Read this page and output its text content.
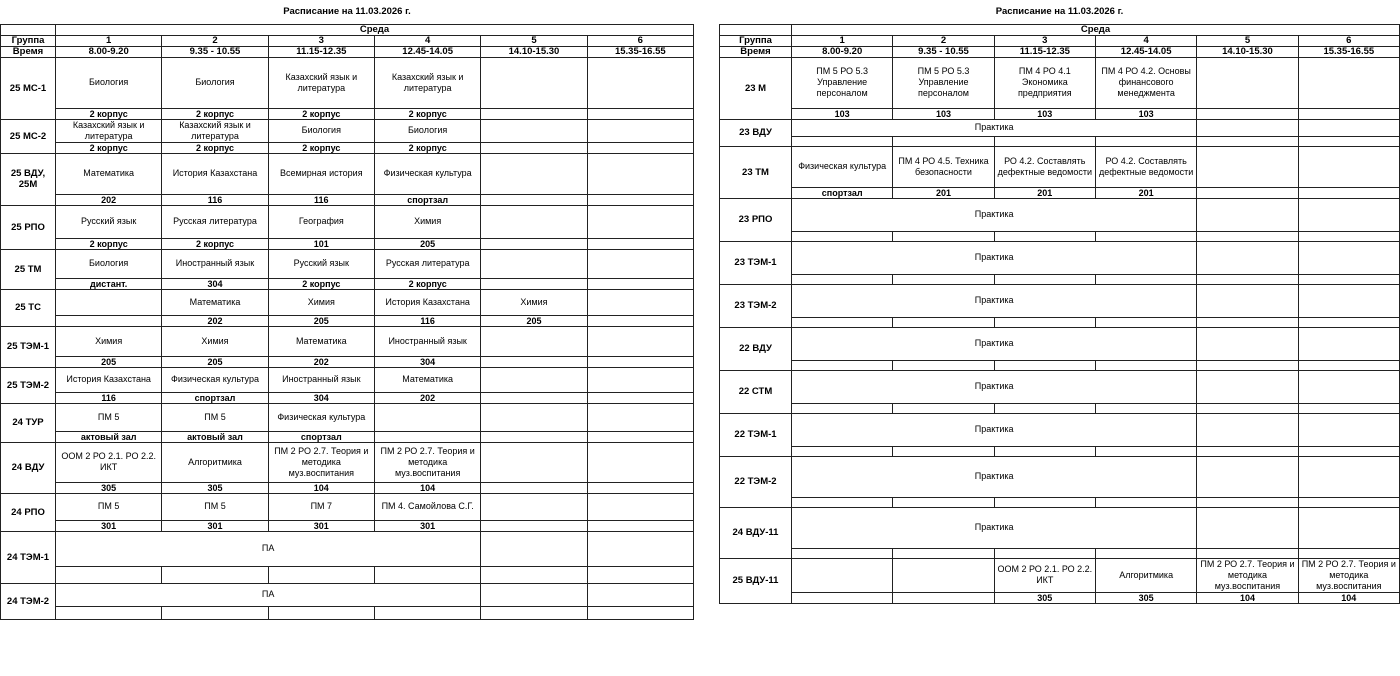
Расписание на 11.03.2026 г.						
	Среда					
Группа	1	2	3	4	5	6
Время	8.00-9.20	9.35 - 10.55	11.15-12.35	12.45-14.05	14.10-15.30	15.35-16.55
25 МС-1	Биология	Биология	Казахский язык и литература	Казахский язык и литература		
	2 корпус	2 корпус	2 корпус	2 корпус		
25 МС-2	Казахский язык и литература	Казахский язык и литература	Биология	Биология		
	2 корпус	2 корпус	2 корпус	2 корпус		
25 ВДУ, 25М	Математика	История Казахстана	Всемирная история	Физическая культура		
	202	116	116	спортзал		
25 РПО	Русский язык	Русская литература	География	Химия		
	2 корпус	2 корпус	101	205		
25 ТМ	Биология	Иностранный язык	Русский язык	Русская литература		
	дистант.	304	2 корпус	2 корпус		
25 ТС		Математика	Химия	История Казахстана	Химия	
		202	205	116	205	
25 ТЭМ-1	Химия	Химия	Математика	Иностранный язык		
	205	205	202	304		
25 ТЭМ-2	История Казахстана	Физическая культура	Иностранный язык	Математика		
	116	спортзал	304	202		
24 ТУР	ПМ 5	ПМ 5	Физическая культура			
	актовый зал	актовый зал	спортзал			
24 ВДУ	ООМ 2 РО 2.1. РО 2.2. ИКТ	Алгоритмика	ПМ 2 РО 2.7. Теория и методика муз.воспитания	ПМ 2 РО 2.7. Теория и методика муз.воспитания		
	305	305	104	104		
24 РПО	ПМ 5	ПМ 5	ПМ 7	ПМ 4. Самойлова С.Г.		
	301	301	301	301		
24 ТЭМ-1	ПА					

24 ТЭМ-2	ПА					

Расписание на 11.03.2026 г.						
	Среда					
Группа	1	2	3	4	5	6
Время	8.00-9.20	9.35 - 10.55	11.15-12.35	12.45-14.05	14.10-15.30	15.35-16.55
23 М	ПМ 5 РО 5.3 Управление персоналом	ПМ 5 РО 5.3 Управление персоналом	ПМ 4 РО 4.1 Экономика предприятия	ПМ 4 РО 4.2. Основы финансового менеджмента		
	103	103	103	103		
23 ВДУ	Практика					

23 ТМ	Физическая культура	ПМ 4 РО 4.5. Техника безопасности	РО 4.2. Составлять дефектные ведомости	РО 4.2. Составлять дефектные ведомости		
	спортзал	201	201	201		
23 РПО	Практика					

23 ТЭМ-1	Практика					

23 ТЭМ-2	Практика					

22 ВДУ	Практика					

22 СТМ	Практика					

22 ТЭМ-1	Практика					

22 ТЭМ-2	Практика					

24 ВДУ-11	Практика					

25 ВДУ-11			ООМ 2 РО 2.1. РО 2.2. ИКТ	Алгоритмика	ПМ 2 РО 2.7. Теория и методика муз.воспитания	ПМ 2 РО 2.7. Теория и методика муз.воспитания
			305	305	104	104
